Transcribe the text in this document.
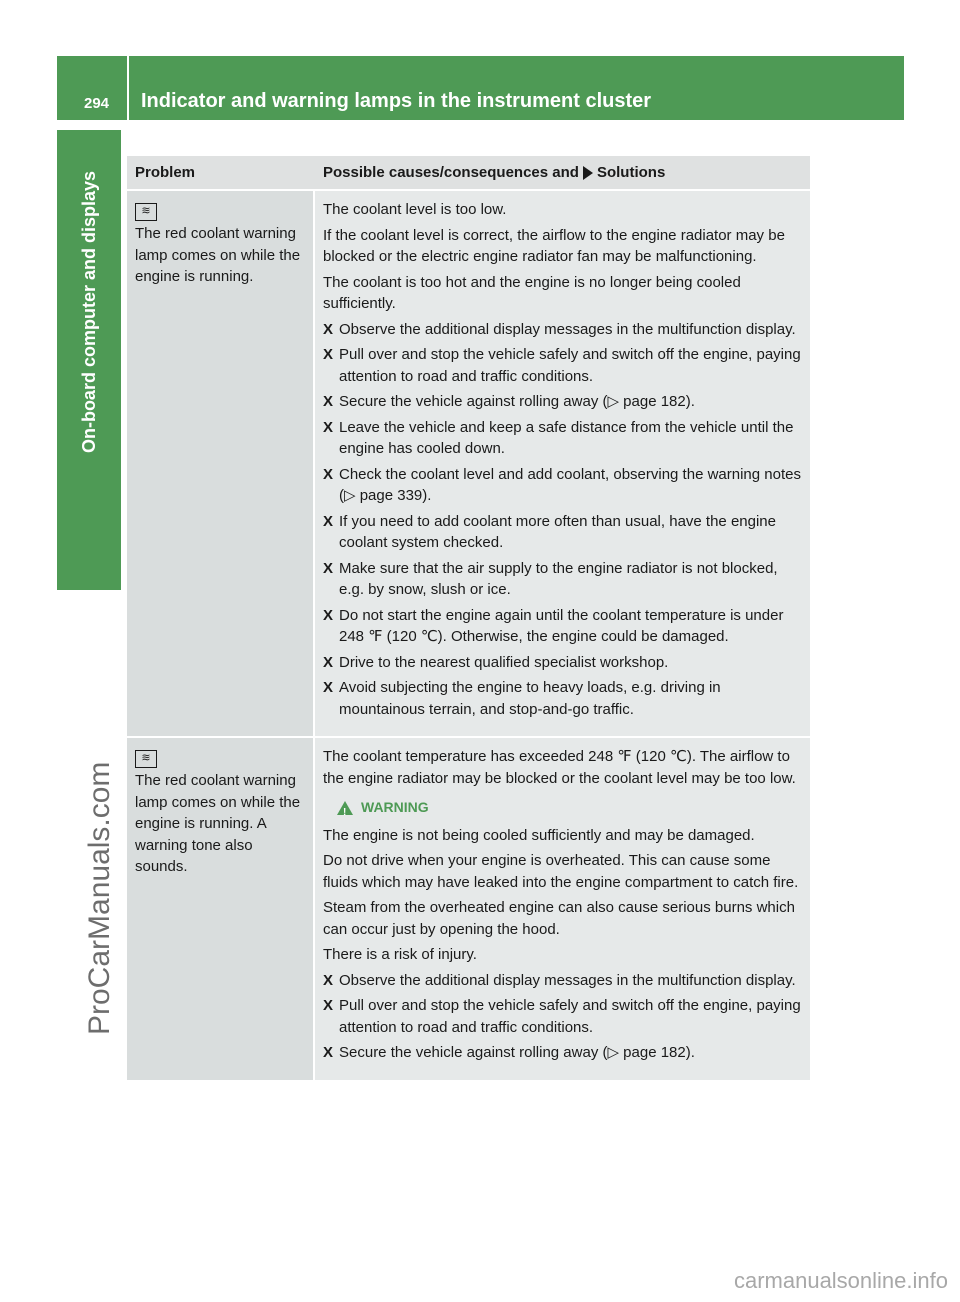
294 Indicator and warning lamps in the instrument cluster
On-board computer and displays
ProCarManuals.com
carmanualsonline.info
Problem	Possible causes/consequences and Solutions
≋
The red coolant warning lamp comes on while the engine is running.
The coolant level is too low.
If the coolant level is correct, the airflow to the engine radiator may be blocked or the electric engine radiator fan may be malfunctioning.
The coolant is too hot and the engine is no longer being cooled sufficiently.
X Observe the additional display messages in the multifunction display.
X Pull over and stop the vehicle safely and switch off the engine, paying attention to road and traffic conditions.
X Secure the vehicle against rolling away (▷ page 182).
X Leave the vehicle and keep a safe distance from the vehicle until the engine has cooled down.
X Check the coolant level and add coolant, observing the warning notes (▷ page 339).
X If you need to add coolant more often than usual, have the engine coolant system checked.
X Make sure that the air supply to the engine radiator is not blocked, e.g. by snow, slush or ice.
X Do not start the engine again until the coolant temperature is under 248 ℉ (120 ℃). Otherwise, the engine could be damaged.
X Drive to the nearest qualified specialist workshop.
X Avoid subjecting the engine to heavy loads, e.g. driving in mountainous terrain, and stop-and-go traffic.
≋
The red coolant warning lamp comes on while the engine is running. A warning tone also sounds.
The coolant temperature has exceeded 248 ℉ (120 ℃). The airflow to the engine radiator may be blocked or the coolant level may be too low.
!
WARNING
The engine is not being cooled sufficiently and may be damaged.
Do not drive when your engine is overheated. This can cause some fluids which may have leaked into the engine compartment to catch fire.
Steam from the overheated engine can also cause serious burns which can occur just by opening the hood.
There is a risk of injury.
X Observe the additional display messages in the multifunction display.
X Pull over and stop the vehicle safely and switch off the engine, paying attention to road and traffic conditions.
X Secure the vehicle against rolling away (▷ page 182).
